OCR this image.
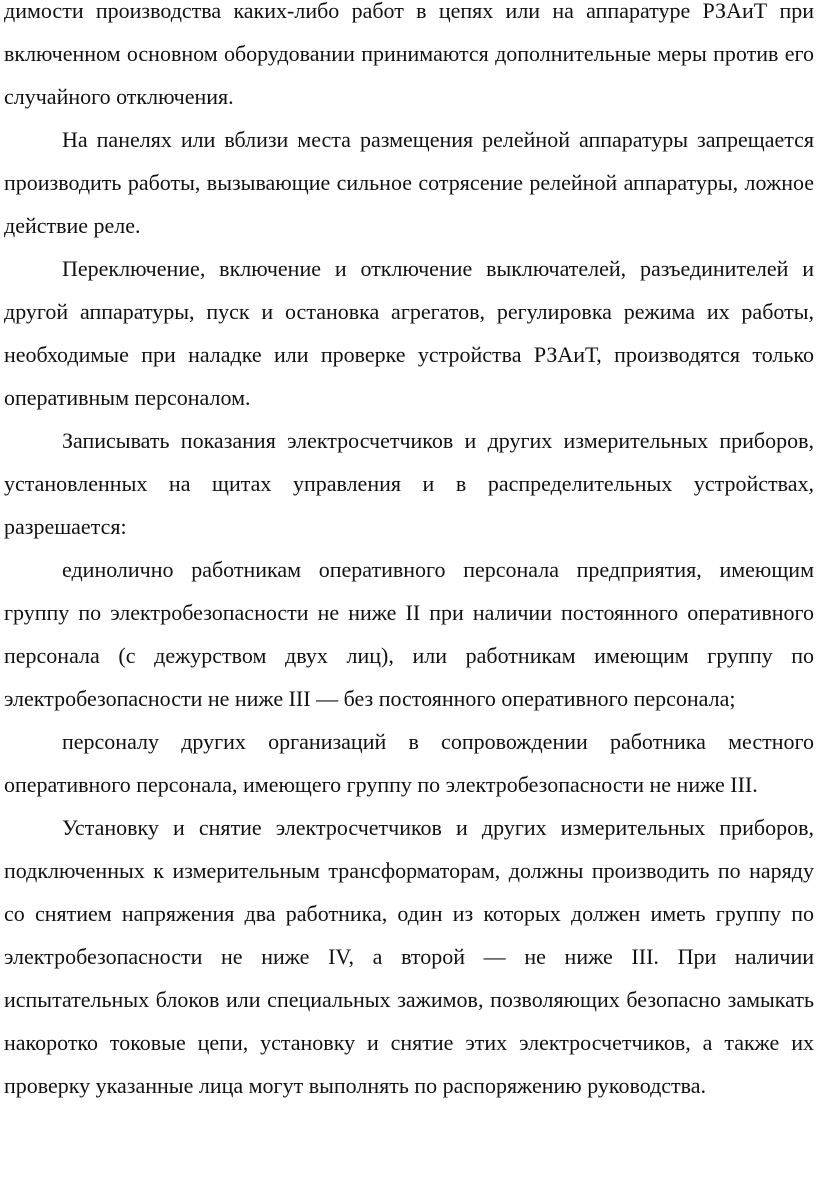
димости производства каких-либо работ в цепях или на аппаратуре РЗАиТ при включенном основном оборудовании принимаются дополнительные меры против его случайного отключения.

На панелях или вблизи места размещения релейной аппаратуры запрещается производить работы, вызывающие сильное сотрясение релейной аппаратуры, ложное действие реле.

Переключение, включение и отключение выключателей, разъединителей и другой аппаратуры, пуск и остановка агрегатов, регулировка режима их работы, необходимые при наладке или проверке устройства РЗАиТ, производятся только оперативным персоналом.

Записывать показания электросчетчиков и других измерительных приборов, установленных на щитах управления и в распределительных устройствах, разрешается:

единолично работникам оперативного персонала предприятия, имеющим группу по электробезопасности не ниже II при наличии постоянного оперативного персонала (с дежурством двух лиц), или работникам имеющим группу по электробезопасности не ниже III — без постоянного оперативного персонала;

персоналу других организаций в сопровождении работника местного оперативного персонала, имеющего группу по электробезопасности не ниже III.

Установку и снятие электросчетчиков и других измерительных приборов, подключенных к измерительным трансформаторам, должны производить по наряду со снятием напряжения два работника, один из которых должен иметь группу по электробезопасности не ниже IV, а второй — не ниже III. При наличии испытательных блоков или специальных зажимов, позволяющих безопасно замыкать накоротко токовые цепи, установку и снятие этих электросчетчиков, а также их проверку указанные лица могут выполнять по распоряжению руководства.
